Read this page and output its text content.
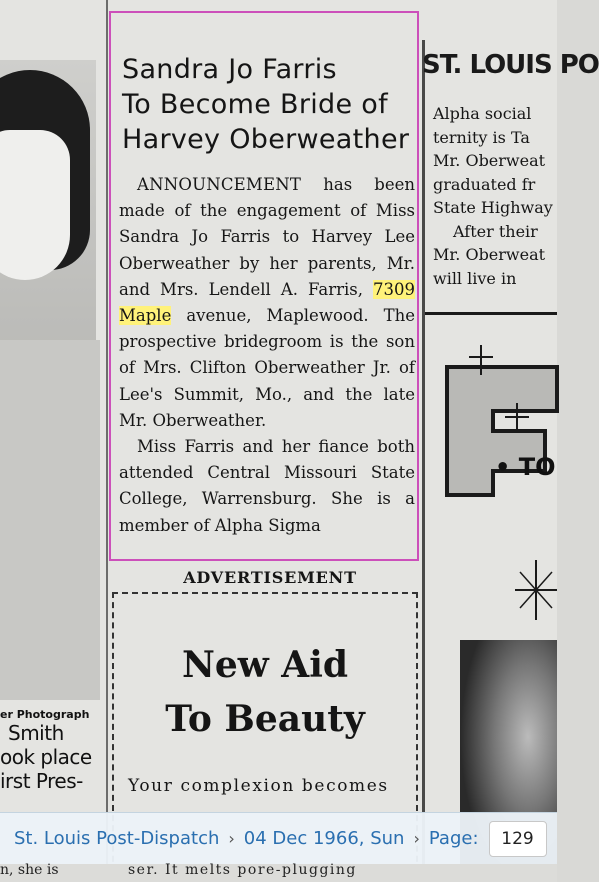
er Photograph
Smith
ook place
irst Pres-
Sandra Jo Farris
To Become Bride of
Harvey Oberweather

ANNOUNCEMENT has been made of the engagement of Miss Sandra Jo Farris to Harvey Lee Oberweather by her parents, Mr. and Mrs. Lendell A. Farris, 7309 Maple avenue, Maplewood. The prospective bridegroom is the son of Mrs. Clifton Oberweather Jr. of Lee's Summit, Mo., and the late Mr. Oberweather.

Miss Farris and her fiance both attended Central Missouri State College, Warrensburg. She is a member of Alpha Sigma

ADVERTISEMENT
New Aid
To Beauty
Your complexion becomes
ST. LOUIS PO
Alpha social
ternity is Ta
Mr. Oberweat
graduated fr
State Highway
After their
Mr. Oberweat
will live in
• TO
St. Louis Post-Dispatch › 04 Dec 1966, Sun › Page:	129
n, she is	ser. It melts pore-plugging
